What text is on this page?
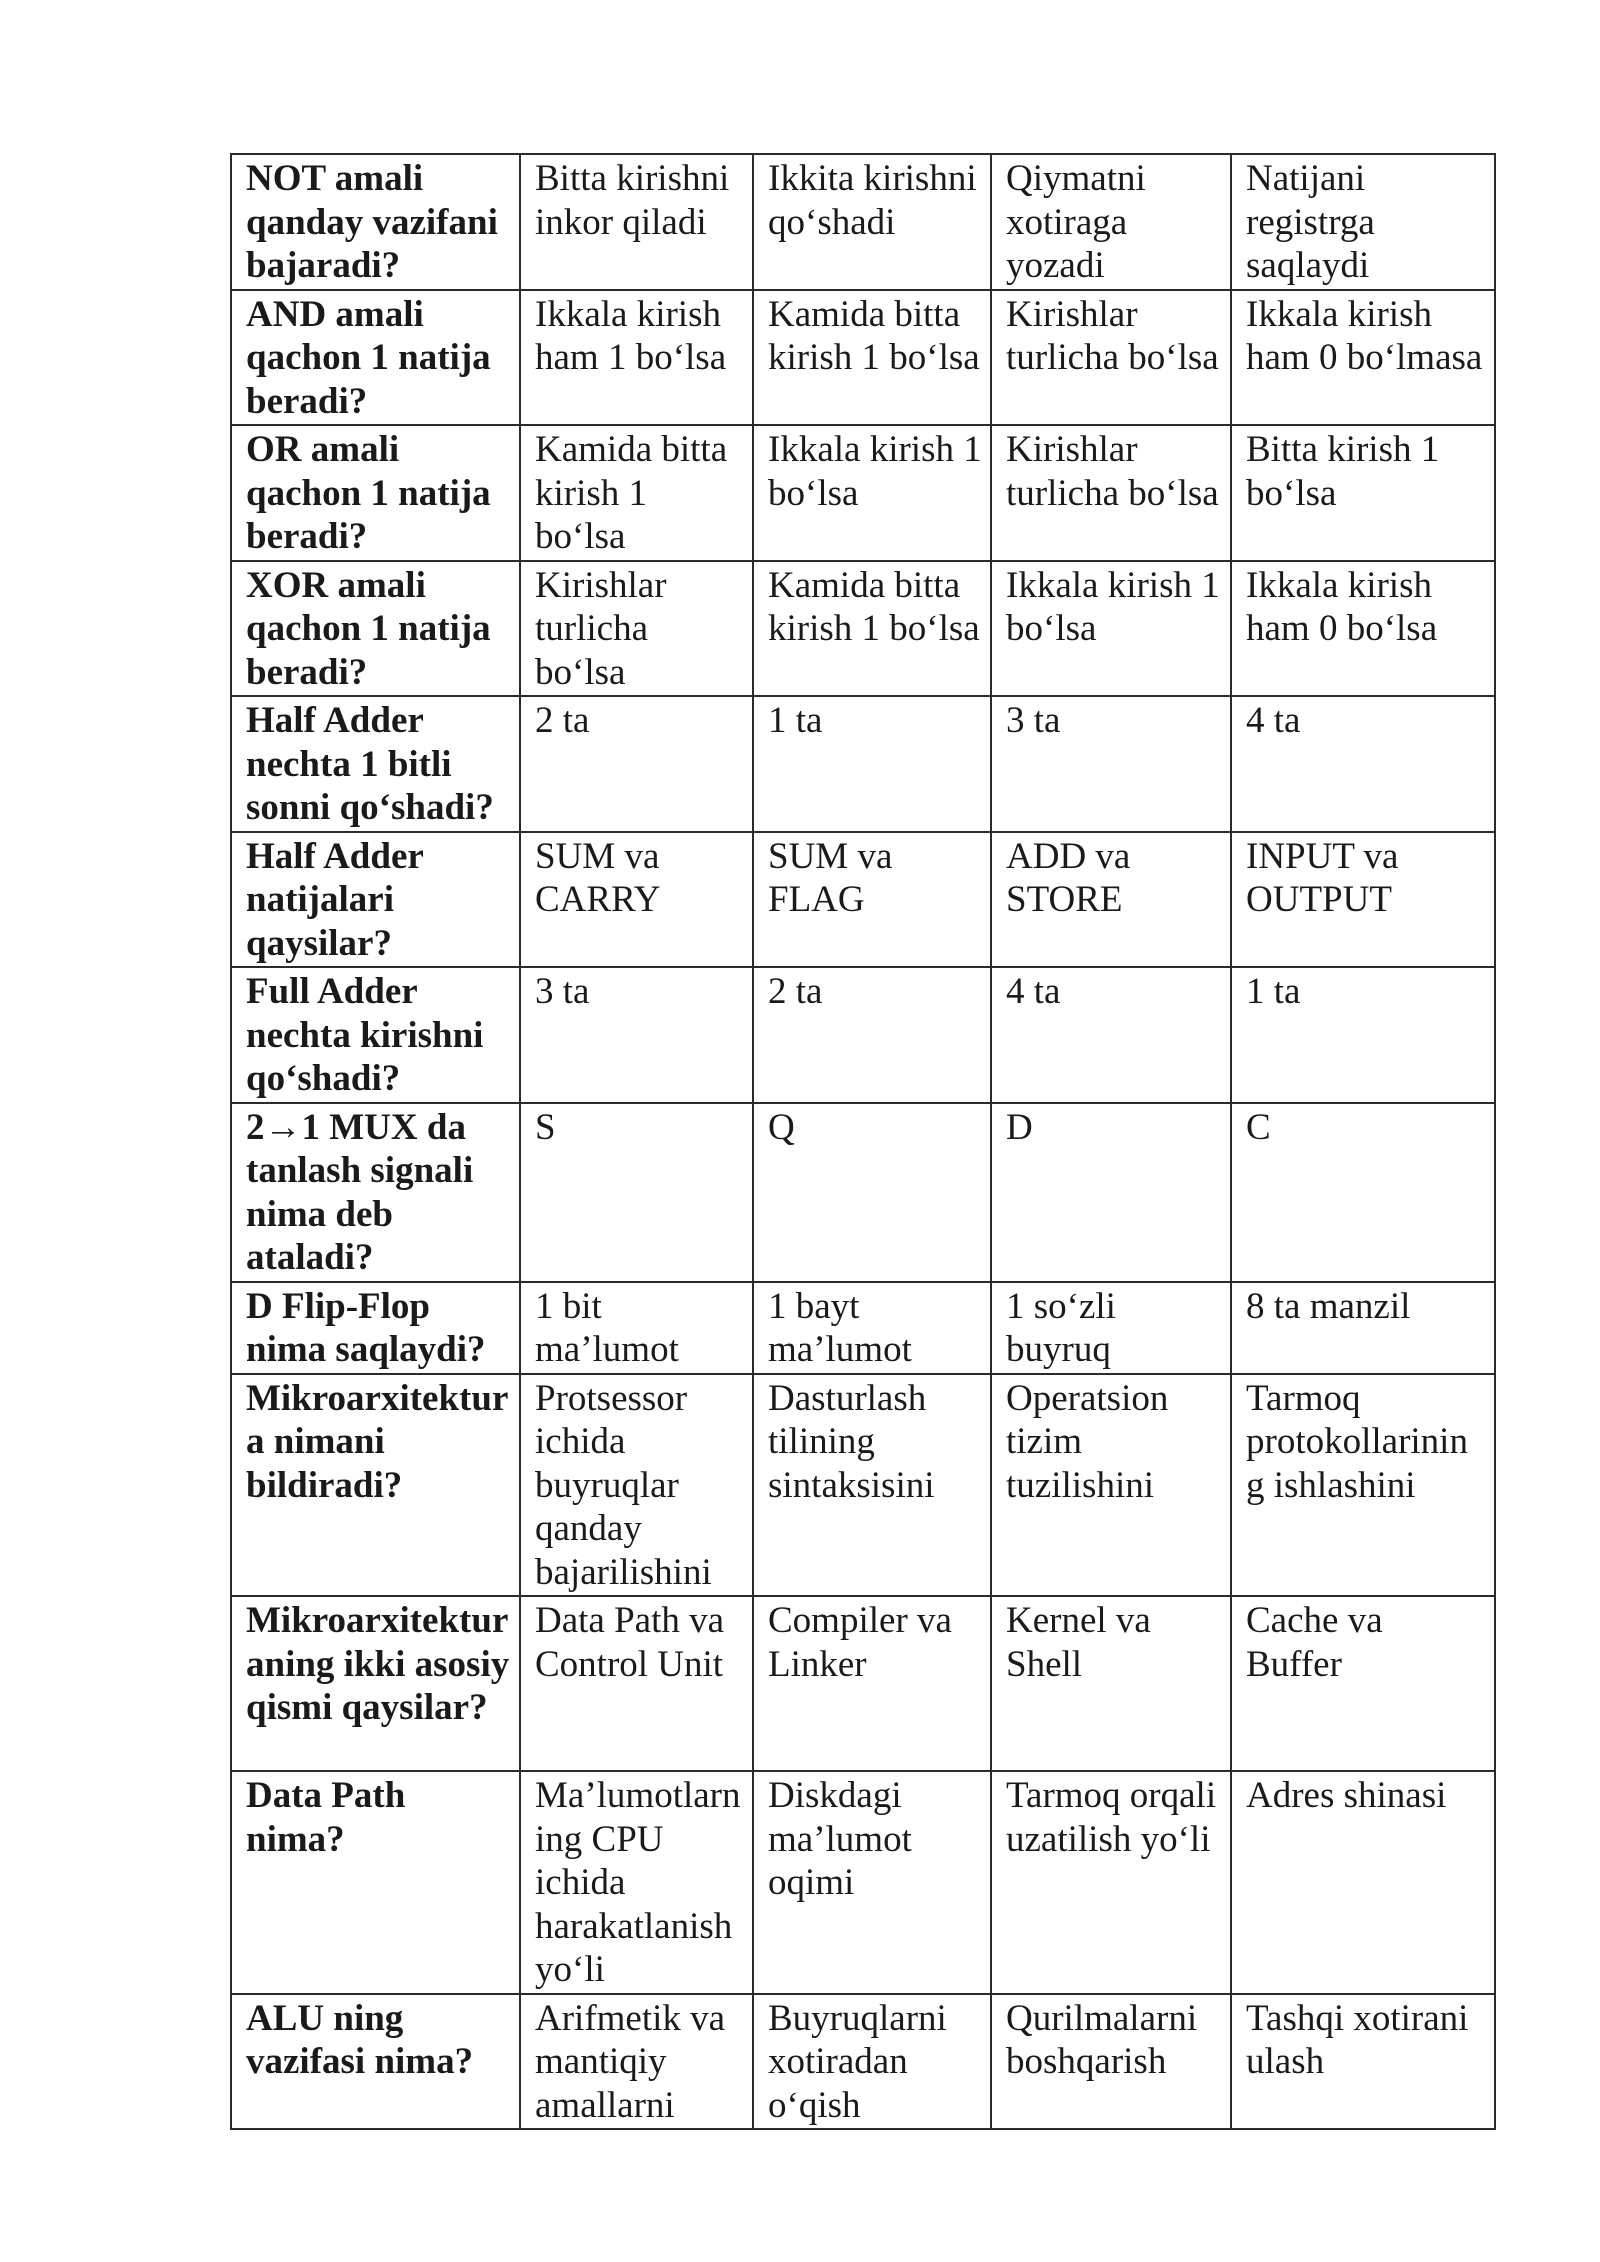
NOT amali qanday vazifani bajaradi?	Bitta kirishni inkor qiladi	Ikkita kirishni qo‘shadi	Qiymatni xotiraga yozadi	Natijani registrga saqlaydi
AND amali qachon 1 natija beradi?	Ikkala kirish ham 1 bo‘lsa	Kamida bitta kirish 1 bo‘lsa	Kirishlar turlicha bo‘lsa	Ikkala kirish ham 0 bo‘lmasa
OR amali qachon 1 natija beradi?	Kamida bitta kirish 1 bo‘lsa	Ikkala kirish 1 bo‘lsa	Kirishlar turlicha bo‘lsa	Bitta kirish 1 bo‘lsa
XOR amali qachon 1 natija beradi?	Kirishlar turlicha bo‘lsa	Kamida bitta kirish 1 bo‘lsa	Ikkala kirish 1 bo‘lsa	Ikkala kirish ham 0 bo‘lsa
Half Adder nechta 1 bitli sonni qo‘shadi?	2 ta	1 ta	3 ta	4 ta
Half Adder natijalari qaysilar?	SUM va CARRY	SUM va FLAG	ADD va STORE	INPUT va OUTPUT
Full Adder nechta kirishni qo‘shadi?	3 ta	2 ta	4 ta	1 ta
2→1 MUX da tanlash signali nima deb ataladi?	S	Q	D	C
D Flip-Flop nima saqlaydi?	1 bit ma’lumot	1 bayt ma’lumot	1 so‘zli buyruq	8 ta manzil
Mikroarxitektura nimani bildiradi?	Protsessor ichida buyruqlar qanday bajarilishini	Dasturlash tilining sintaksisini	Operatsion tizim tuzilishini	Tarmoq protokollarining ishlashini
Mikroarxitekturaning ikki asosiy qismi qaysilar?	Data Path va Control Unit	Compiler va Linker	Kernel va Shell	Cache va Buffer
Data Path nima?	Ma’lumotlarning CPU ichida harakatlanish yo‘li	Diskdagi ma’lumot oqimi	Tarmoq orqali uzatilish yo‘li	Adres shinasi
ALU ning vazifasi nima?	Arifmetik va mantiqiy amallarni	Buyruqlarni xotiradan o‘qish	Qurilmalarni boshqarish	Tashqi xotirani ulash
